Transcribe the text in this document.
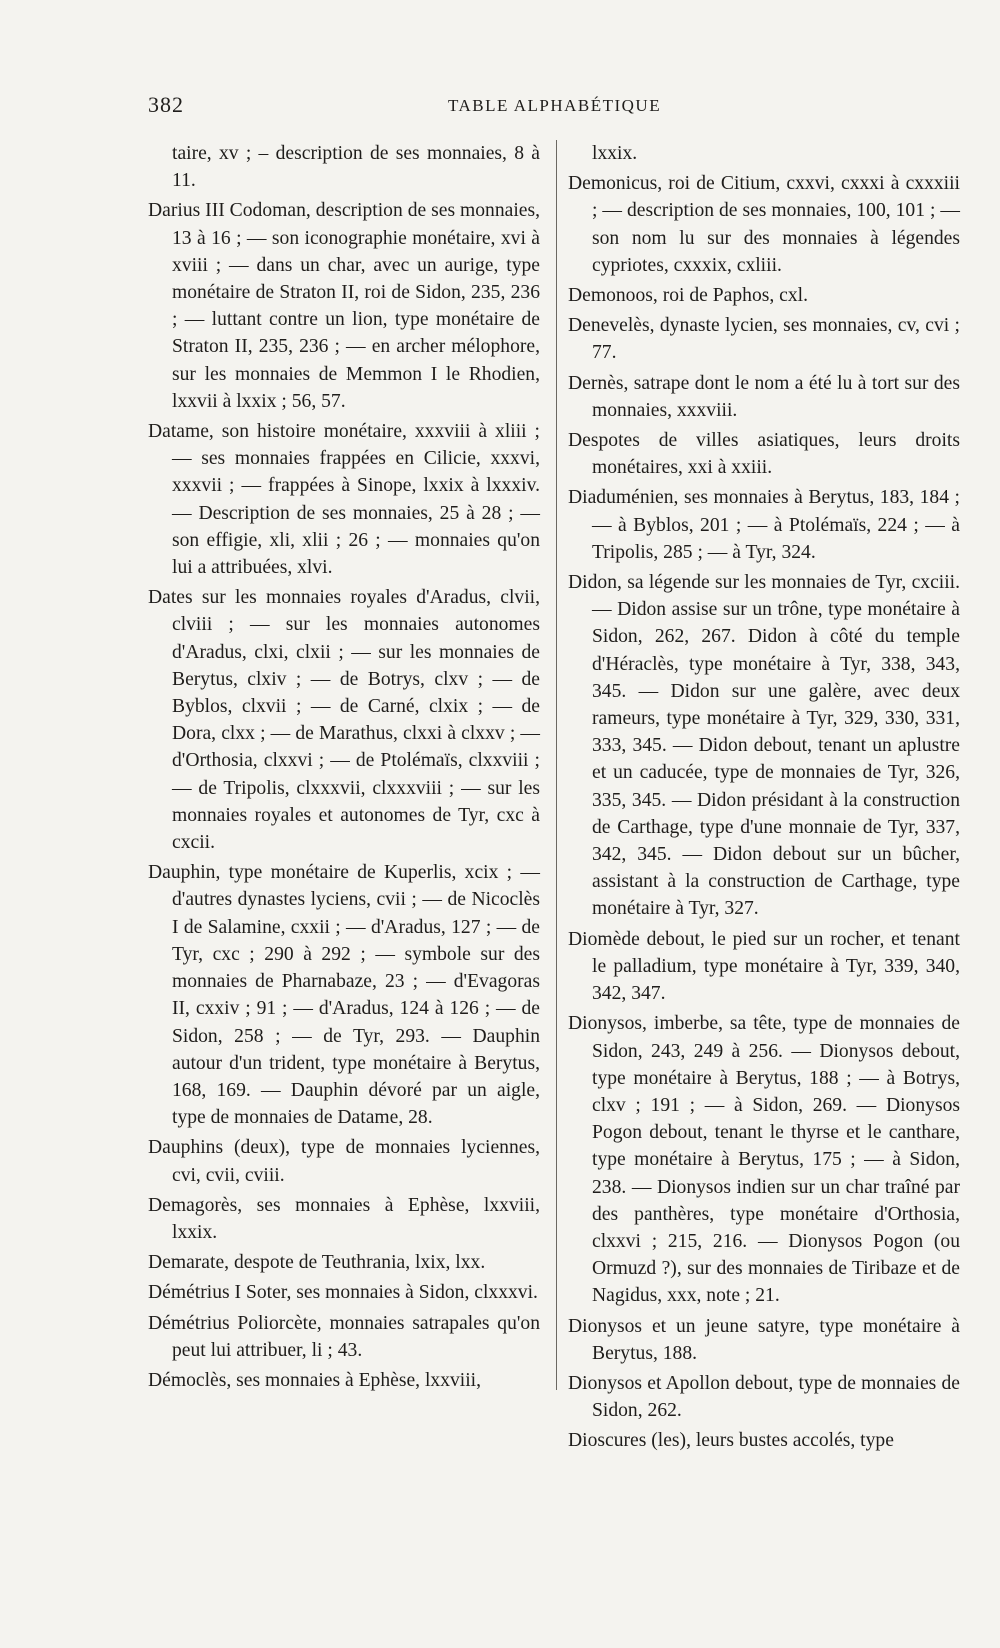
382	TABLE ALPHABÉTIQUE

taire, xv ; – description de ses monnaies, 8 à 11.

Darius III Codoman, description de ses monnaies, 13 à 16 ; — son iconographie monétaire, xvi à xviii ; — dans un char, avec un aurige, type monétaire de Straton II, roi de Sidon, 235, 236 ; — luttant contre un lion, type monétaire de Straton II, 235, 236 ; — en archer mélophore, sur les monnaies de Memmon I le Rhodien, lxxvii à lxxix ; 56, 57.

Datame, son histoire monétaire, xxxviii à xliii ; — ses monnaies frappées en Cilicie, xxxvi, xxxvii ; — frappées à Sinope, lxxix à lxxxiv. — Description de ses monnaies, 25 à 28 ; — son effigie, xli, xlii ; 26 ; — monnaies qu'on lui a attribuées, xlvi.

Dates sur les monnaies royales d'Aradus, clvii, clviii ; — sur les monnaies autonomes d'Aradus, clxi, clxii ; — sur les monnaies de Berytus, clxiv ; — de Botrys, clxv ; — de Byblos, clxvii ; — de Carné, clxix ; — de Dora, clxx ; — de Marathus, clxxi à clxxv ; — d'Orthosia, clxxvi ; — de Ptolémaïs, clxxviii ; — de Tripolis, clxxxvii, clxxxviii ; — sur les monnaies royales et autonomes de Tyr, cxc à cxcii.

Dauphin, type monétaire de Kuperlis, xcix ; — d'autres dynastes lyciens, cvii ; — de Nicoclès I de Salamine, cxxii ; — d'Aradus, 127 ; — de Tyr, cxc ; 290 à 292 ; — symbole sur des monnaies de Pharnabaze, 23 ; — d'Evagoras II, cxxiv ; 91 ; — d'Aradus, 124 à 126 ; — de Sidon, 258 ; — de Tyr, 293. — Dauphin autour d'un trident, type monétaire à Berytus, 168, 169. — Dauphin dévoré par un aigle, type de monnaies de Datame, 28.

Dauphins (deux), type de monnaies lyciennes, cvi, cvii, cviii.

Demagorès, ses monnaies à Ephèse, lxxviii, lxxix.

Demarate, despote de Teuthrania, lxix, lxx.

Démétrius I Soter, ses monnaies à Sidon, clxxxvi.

Démétrius Poliorcète, monnaies satrapales qu'on peut lui attribuer, li ; 43.

Démoclès, ses monnaies à Ephèse, lxxviii,

lxxix.

Demonicus, roi de Citium, cxxvi, cxxxi à cxxxiii ; — description de ses monnaies, 100, 101 ; — son nom lu sur des monnaies à légendes cypriotes, cxxxix, cxliii.

Demonoos, roi de Paphos, cxl.

Denevelès, dynaste lycien, ses monnaies, cv, cvi ; 77.

Dernès, satrape dont le nom a été lu à tort sur des monnaies, xxxviii.

Despotes de villes asiatiques, leurs droits monétaires, xxi à xxiii.

Diaduménien, ses monnaies à Berytus, 183, 184 ; — à Byblos, 201 ; — à Ptolémaïs, 224 ; — à Tripolis, 285 ; — à Tyr, 324.

Didon, sa légende sur les monnaies de Tyr, cxciii. — Didon assise sur un trône, type monétaire à Sidon, 262, 267. Didon à côté du temple d'Héraclès, type monétaire à Tyr, 338, 343, 345. — Didon sur une galère, avec deux rameurs, type monétaire à Tyr, 329, 330, 331, 333, 345. — Didon debout, tenant un aplustre et un caducée, type de monnaies de Tyr, 326, 335, 345. — Didon présidant à la construction de Carthage, type d'une monnaie de Tyr, 337, 342, 345. — Didon debout sur un bûcher, assistant à la construction de Carthage, type monétaire à Tyr, 327.

Diomède debout, le pied sur un rocher, et tenant le palladium, type monétaire à Tyr, 339, 340, 342, 347.

Dionysos, imberbe, sa tête, type de monnaies de Sidon, 243, 249 à 256. — Dionysos debout, type monétaire à Berytus, 188 ; — à Botrys, clxv ; 191 ; — à Sidon, 269. — Dionysos Pogon debout, tenant le thyrse et le canthare, type monétaire à Berytus, 175 ; — à Sidon, 238. — Dionysos indien sur un char traîné par des panthères, type monétaire d'Orthosia, clxxvi ; 215, 216. — Dionysos Pogon (ou Ormuzd ?), sur des monnaies de Tiribaze et de Nagidus, xxx, note ; 21.

Dionysos et un jeune satyre, type monétaire à Berytus, 188.

Dionysos et Apollon debout, type de monnaies de Sidon, 262.

Dioscures (les), leurs bustes accolés, type
